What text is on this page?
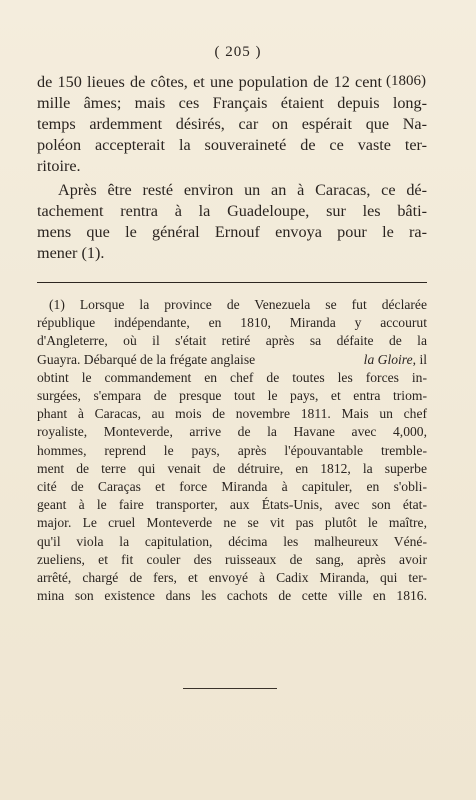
( 205 )
(1806)
de 150 lieues de côtes, et une population de 12 cent
mille âmes; mais ces Français étaient depuis long-
temps ardemment désirés, car on espérait que Na-
poléon accepterait la souveraineté de ce vaste ter-
ritoire.
Après être resté environ un an à Caracas, ce dé-
tachement rentra à la Guadeloupe, sur les bâti-
mens que le général Ernouf envoya pour le ra-
mener (1).
(1) Lorsque la province de Venezuela se fut déclarée
république indépendante, en 1810, Miranda y accourut
d'Angleterre, où il s'était retiré après sa défaite de la
Guayra. Débarqué de la frégate anglaise	la Gloire, il
obtint le commandement en chef de toutes les forces in-
surgées, s'empara de presque tout le pays, et entra triom-
phant à Caracas, au mois de novembre 1811. Mais un chef
royaliste, Monteverde, arrive de la Havane avec 4,000,
hommes, reprend le pays, après l'épouvantable tremble-
ment de terre qui venait de détruire, en 1812, la superbe
cité de Caraças et force Miranda à capituler, en s'obli-
geant à le faire transporter, aux États-Unis, avec son état-
major. Le cruel Monteverde ne se vit pas plutôt le maître,
qu'il viola la capitulation, décima les malheureux Véné-
zueliens, et fit couler des ruisseaux de sang, après avoir
arrêté, chargé de fers, et envoyé à Cadix Miranda, qui ter-
mina son existence dans les cachots de cette ville en 1816.
